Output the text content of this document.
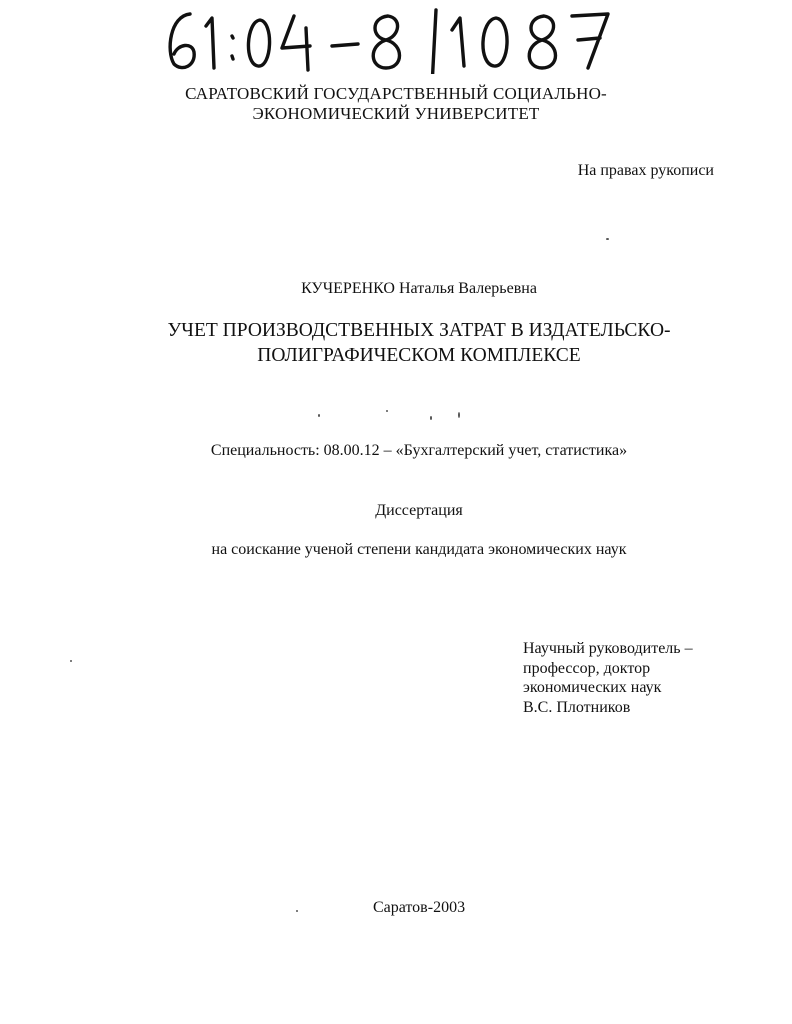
САРАТОВСКИЙ ГОСУДАРСТВЕННЫЙ СОЦИАЛЬНО-
ЭКОНОМИЧЕСКИЙ УНИВЕРСИТЕТ
На правах рукописи
КУЧЕРЕНКО Наталья Валерьевна
УЧЕТ ПРОИЗВОДСТВЕННЫХ ЗАТРАТ В ИЗДАТЕЛЬСКО-
ПОЛИГРАФИЧЕСКОМ КОМПЛЕКСЕ
Специальность: 08.00.12 – «Бухгалтерский учет, статистика»
Диссертация
на соискание ученой степени кандидата экономических наук
Научный руководитель –
профессор, доктор
экономических наук
В.С. Плотников
Саратов-2003
